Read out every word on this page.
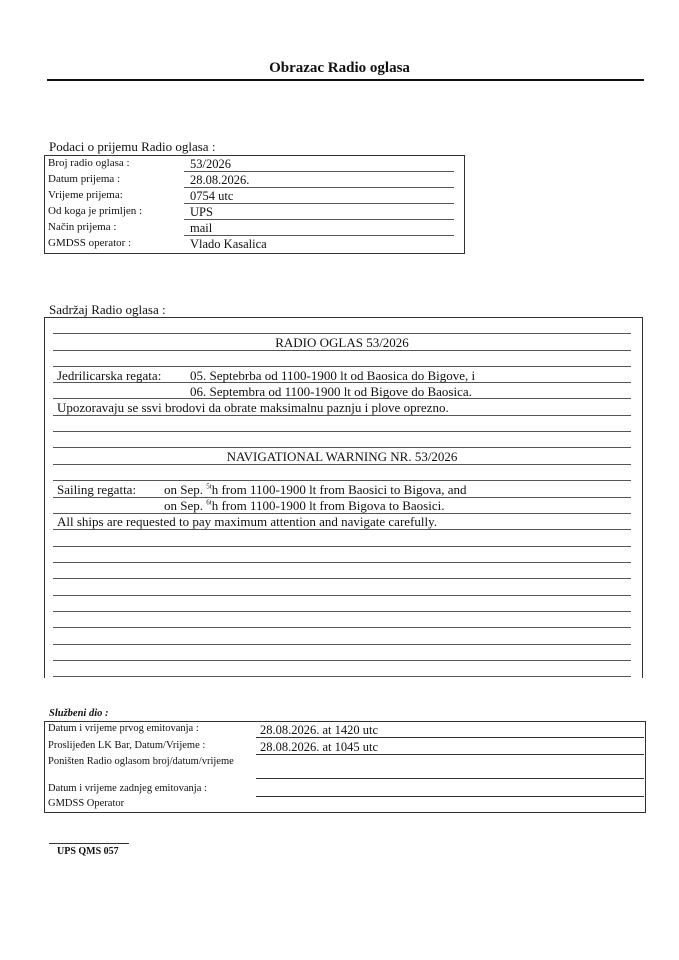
Obrazac Radio oglasa
Podaci o prijemu Radio oglasa :
Broj radio oglasa :	53/2026
Datum prijema :	28.08.2026.
Vrijeme prijema:	0754 utc
Od koga je primljen :	UPS
Način prijema :	mail
GMDSS operator :	Vlado Kasalica
Sadržaj Radio oglasa :
RADIO OGLAS 53/2026
Jedrilicarska regata: 05. Septebrba od 1100-1900 lt od Baosica do Bigove, i
06. Septembra od 1100-1900 lt od Bigove do Baosica.
Upozoravaju se ssvi brodovi da obrate maksimalnu paznju i plove oprezno.
NAVIGATIONAL WARNING NR. 53/2026
Sailing regatta: on Sep. $^{5t}$h from 1100-1900 lt from Baosici to Bigova, and
on Sep. $^{6t}$h from 1100-1900 lt from Bigova to Baosici.
All ships are requested to pay maximum attention and navigate carefully.
Službeni dio :
Datum i vrijeme prvog emitovanja :	28.08.2026. at 1420 utc
Proslijeđen LK Bar, Datum/Vrijeme :	28.08.2026. at 1045 utc
Poništen Radio oglasom broj/datum/vrijeme
Datum i vrijeme zadnjeg emitovanja :
GMDSS Operator
UPS QMS 057
